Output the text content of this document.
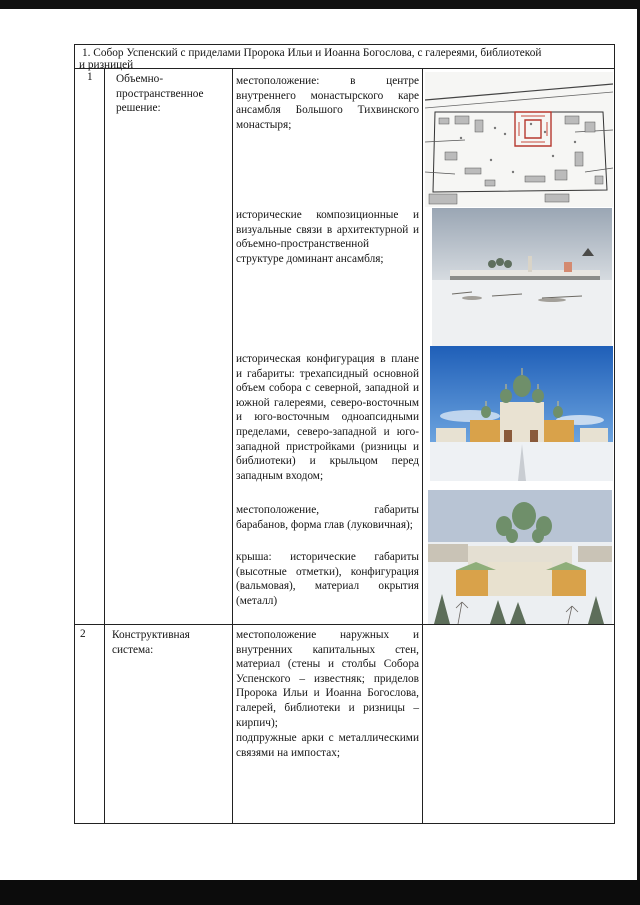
1. Собор Успенский с приделами Пророка Ильи и Иоанна Богослова, с галереями, библиотекой
и ризницей
1 Объемно-пространственное решение:
местоположение: в центре внутреннего монастырского каре ансамбля Большого Тихвинского монастыря;
исторические композиционные и визуальные связи в архитектурной и объемно-пространственной структуре доминант ансамбля;
историческая конфигурация в плане и габариты: трехапсидный основной объем собора с северной, западной и южной галереями, северо-восточным и юго-восточным одноапсидными пределами, северо-западной и юго-западной пристройками (ризницы и библиотеки) и крыльцом перед западным входом;
местоположение, габариты барабанов, форма глав (луковичная);
крыша: исторические габариты (высотные отметки), конфигурация (вальмовая), материал окрытия (металл)
2 Конструктивная система:
местоположение наружных и внутренних капитальных стен, материал (стены и столбы Собора Успенского – известняк; приделов Пророка Ильи и Иоанна Богослова, галерей, библиотеки и ризницы – кирпич);
подпружные арки с металлическими связями на импостах;
